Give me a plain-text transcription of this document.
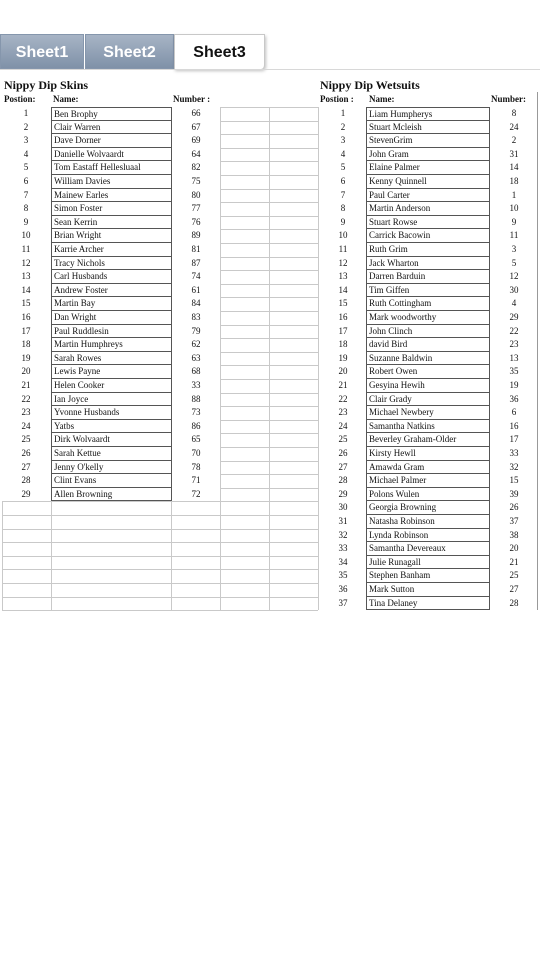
Sheet1	Sheet2	Sheet3
Nippy Dip Skins
Postion: Name:	Number :
Nippy Dip Wetsuits
Postion : Name:	Number:
1	Ben Brophy	66
2	Clair Warren	67
3	Dave Dorner	69
4	Danielle Wolvaardt	64
5	Tom Eastaff Hellesluaal	82
6	William Davies	75
7	Mainew Earles	80
8	Simon Foster	77
9	Sean Kerrin	76
10	Brian Wright	89
11	Karrie Archer	81
12	Tracy Nichols	87
13	Carl Husbands	74
14	Andrew Foster	61
15	Martin Bay	84
16	Dan Wright	83
17	Paul Ruddlesin	79
18	Martin Humphreys	62
19	Sarah Rowes	63
20	Lewis Payne	68
21	Helen Cooker	33
22	Ian Joyce	88
23	Yvonne Husbands	73
24	Yatbs	86
25	Dirk Wolvaardt	65
26	Sarah Kettue	70
27	Jenny O'kelly	78
28	Clint Evans	71
29	Allen Browning	72
1	Liam Humpherys	8
2	Stuart Mcleish	24
3	StevenGrim	2
4	John Gram	31
5	Elaine Palmer	14
6	Kenny Quinnell	18
7	Paul Carter	1
8	Martin Anderson	10
9	Stuart Rowse	9
10	Carrick Bacowin	11
11	Ruth Grim	3
12	Jack Wharton	5
13	Darren Barduin	12
14	Tim Giffen	30
15	Ruth Cottingham	4
16	Mark woodworthy	29
17	John Clinch	22
18	david Bird	23
19	Suzanne Baldwin	13
20	Robert Owen	35
21	Gesyina Hewih	19
22	Clair Grady	36
23	Michael Newbery	6
24	Samantha Natkins	16
25	Beverley Graham-Older	17
26	Kirsty Hewll	33
27	Amawda Gram	32
28	Michael Palmer	15
29	Polons Wulen	39
30	Georgia Browning	26
31	Natasha Robinson	37
32	Lynda Robinson	38
33	Samantha Devereaux	20
34	Julie Runagall	21
35	Stephen Banham	25
36	Mark Sutton	27
37	Tina Delaney	28
